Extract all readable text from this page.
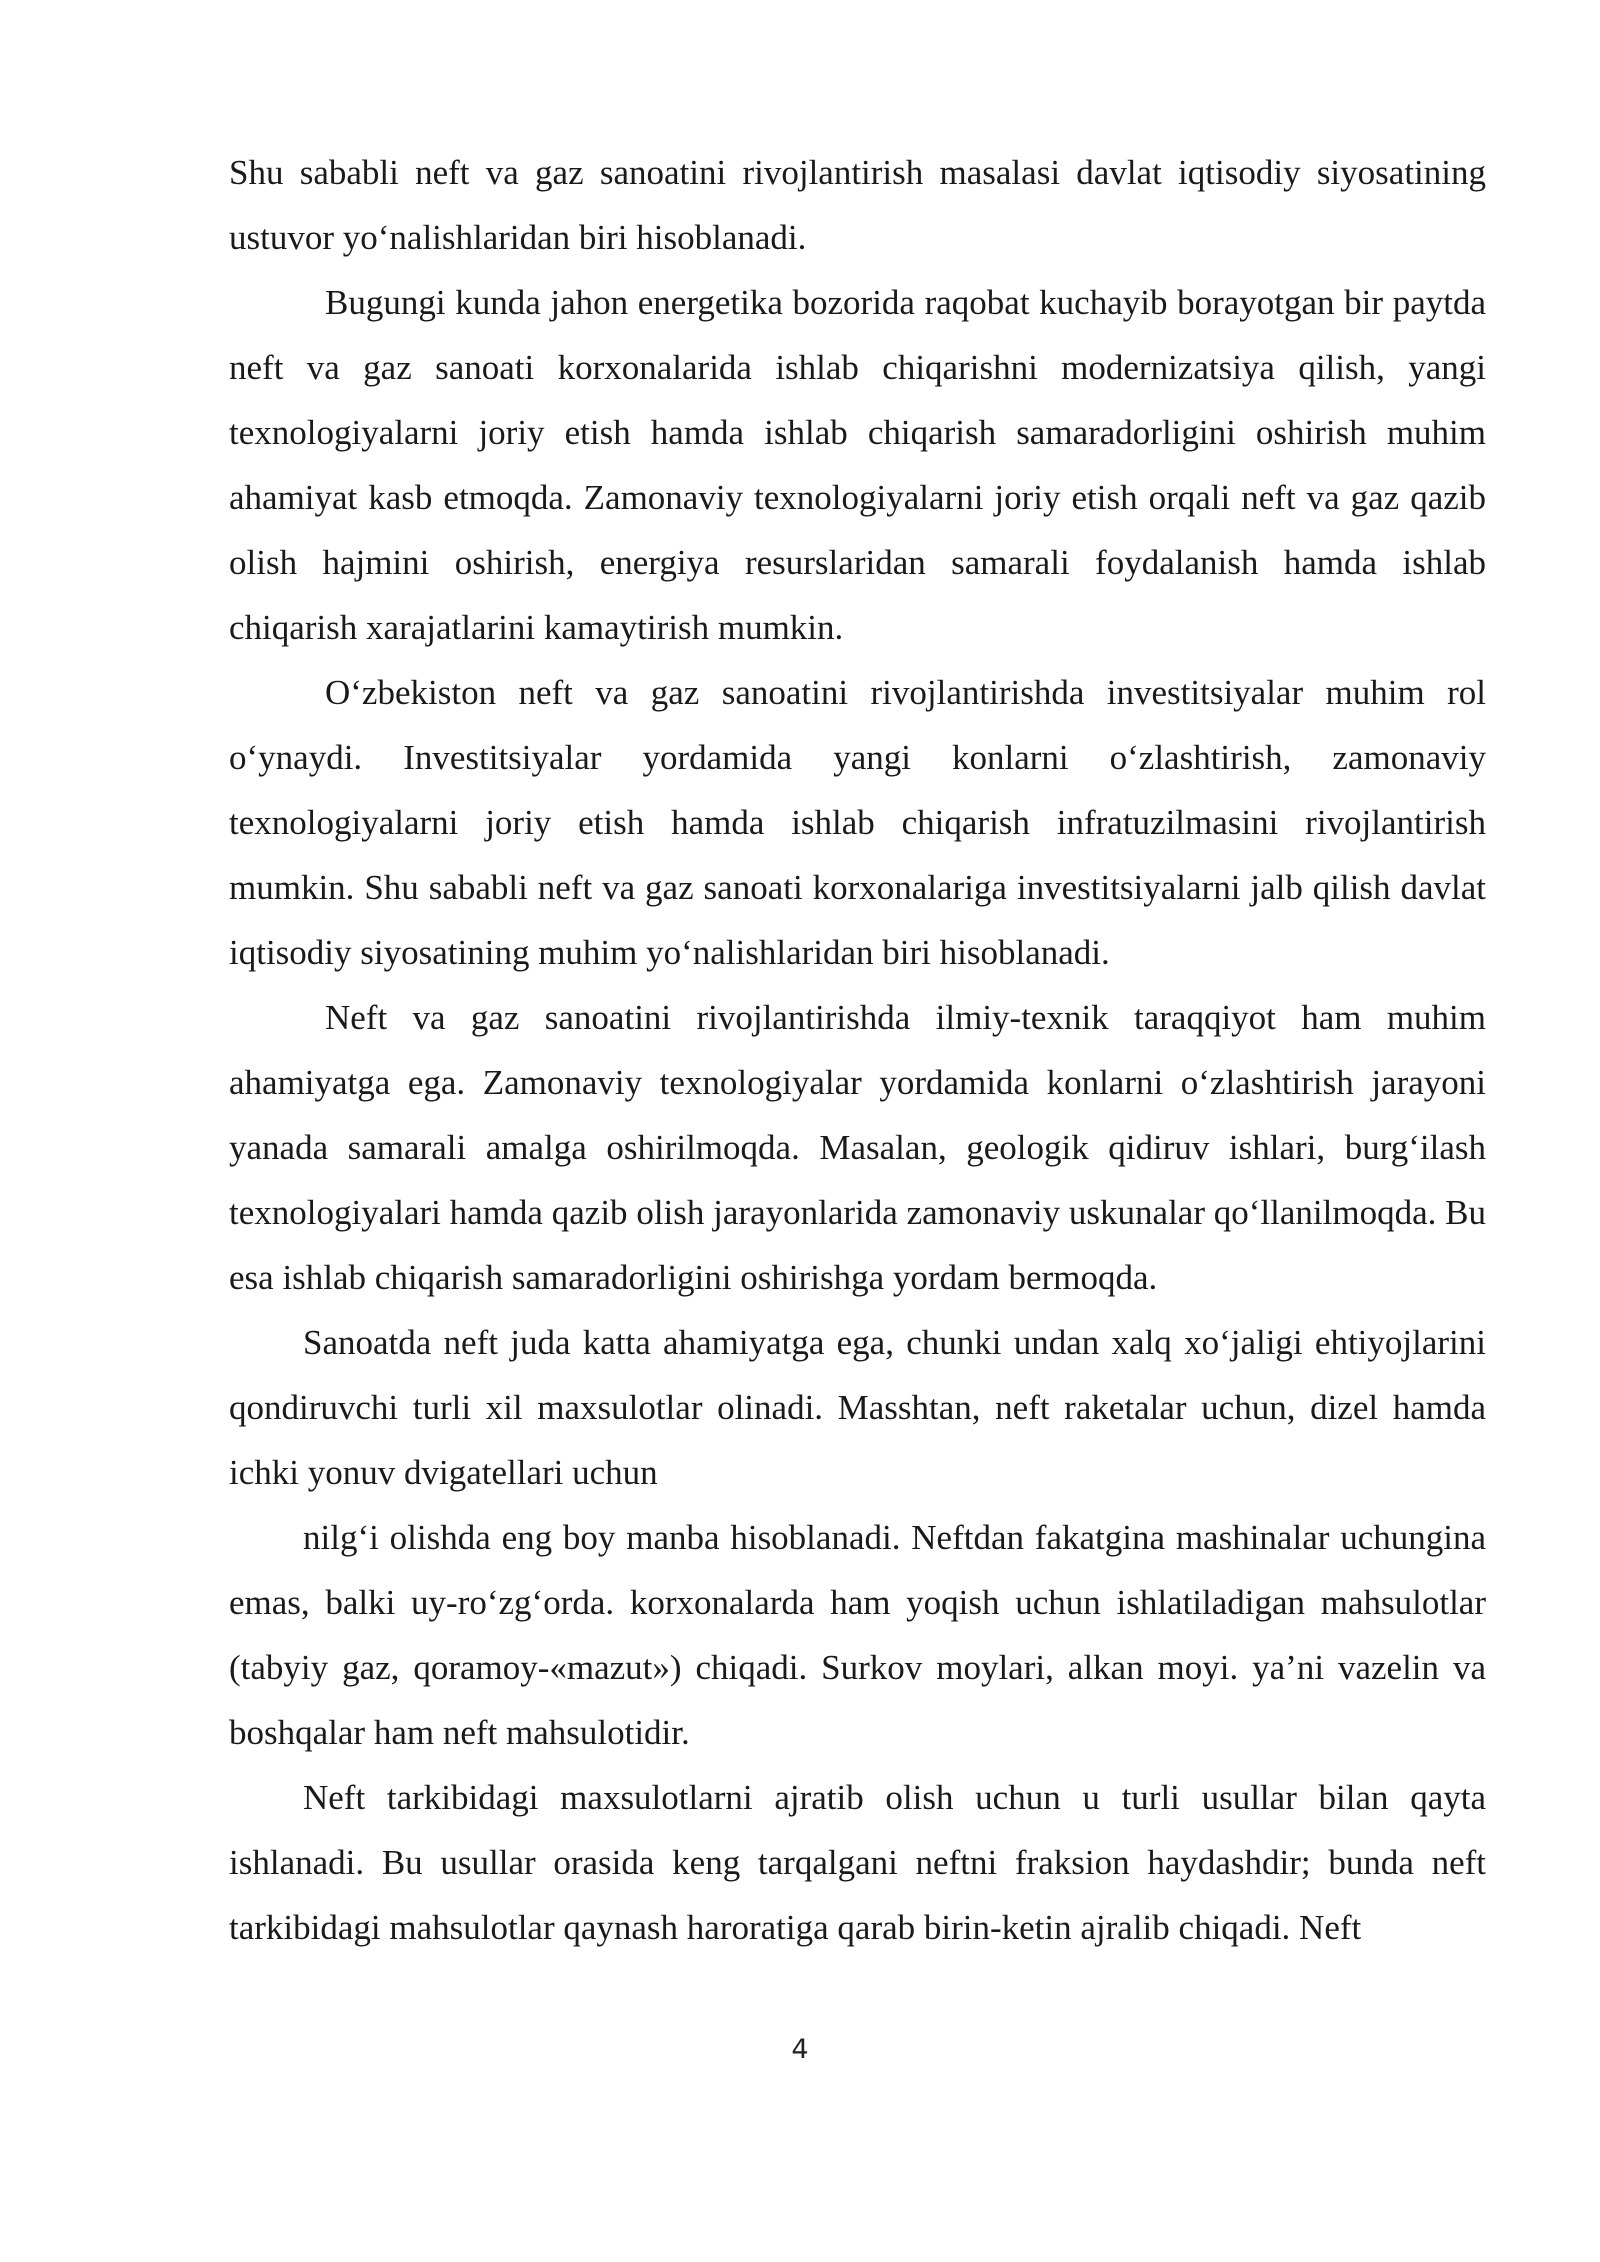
Shu sababli neft va gaz sanoatini rivojlantirish masalasi davlat iqtisodiy siyosatining ustuvor yo‘nalishlaridan biri hisoblanadi.

Bugungi kunda jahon energetika bozorida raqobat kuchayib borayotgan bir paytda neft va gaz sanoati korxonalarida ishlab chiqarishni modernizatsiya qilish, yangi texnologiyalarni joriy etish hamda ishlab chiqarish samaradorligini oshirish muhim ahamiyat kasb etmoqda. Zamonaviy texnologiyalarni joriy etish orqali neft va gaz qazib olish hajmini oshirish, energiya resurslaridan samarali foydalanish hamda ishlab chiqarish xarajatlarini kamaytirish mumkin.

O‘zbekiston neft va gaz sanoatini rivojlantirishda investitsiyalar muhim rol o‘ynaydi. Investitsiyalar yordamida yangi konlarni o‘zlashtirish, zamonaviy texnologiyalarni joriy etish hamda ishlab chiqarish infratuzilmasini rivojlantirish mumkin. Shu sababli neft va gaz sanoati korxonalariga investitsiyalarni jalb qilish davlat iqtisodiy siyosatining muhim yo‘nalishlaridan biri hisoblanadi.

Neft va gaz sanoatini rivojlantirishda ilmiy-texnik taraqqiyot ham muhim ahamiyatga ega. Zamonaviy texnologiyalar yordamida konlarni o‘zlashtirish jarayoni yanada samarali amalga oshirilmoqda. Masalan, geologik qidiruv ishlari, burg‘ilash texnologiyalari hamda qazib olish jarayonlarida zamonaviy uskunalar qo‘llanilmoqda. Bu esa ishlab chiqarish samaradorligini oshirishga yordam bermoqda.

Sanoatda neft juda katta ahamiyatga ega, chunki undan xalq xo‘jaligi ehtiyojlarini qondiruvchi turli xil maxsulotlar olinadi. Masshtan, neft raketalar uchun, dizel hamda ichki yonuv dvigatellari uchun

nilg‘i olishda eng boy manba hisoblanadi. Neftdan fakatgina mashinalar uchungina emas, balki uy-ro‘zg‘orda. korxonalarda ham yoqish uchun ishlatiladigan mahsulotlar (tabyiy gaz, qoramoy-«mazut») chiqadi. Surkov moylari, alkan moyi. ya’ni vazelin va boshqalar ham neft mahsulotidir.

Neft tarkibidagi maxsulotlarni ajratib olish uchun u turli usullar bilan qayta ishlanadi. Bu usullar orasida keng tarqalgani neftni fraksion haydashdir; bunda neft tarkibidagi mahsulotlar qaynash haroratiga qarab birin-ketin ajralib chiqadi. Neft

4
